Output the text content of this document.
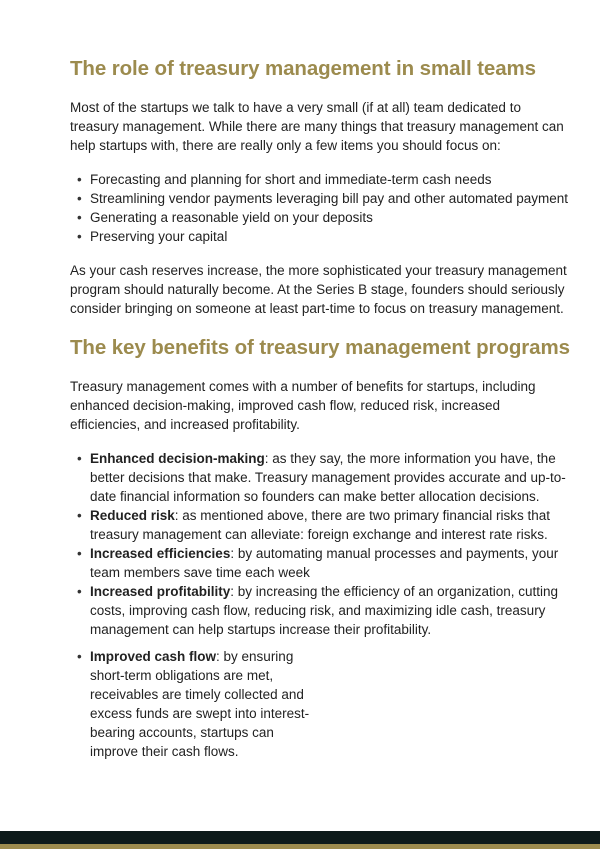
The role of treasury management in small teams

Most of the startups we talk to have a very small (if at all) team dedicated to treasury management. While there are many things that treasury management can help startups with, there are really only a few items you should focus on:

• Forecasting and planning for short and immediate-term cash needs
• Streamlining vendor payments leveraging bill pay and other automated payment
• Generating a reasonable yield on your deposits
• Preserving your capital

As your cash reserves increase, the more sophisticated your treasury management program should naturally become. At the Series B stage, founders should seriously consider bringing on someone at least part-time to focus on treasury management.

The key benefits of treasury management programs

Treasury management comes with a number of benefits for startups, including enhanced decision-making, improved cash flow, reduced risk, increased efficiencies, and increased profitability.

• Enhanced decision-making: as they say, the more information you have, the better decisions that make. Treasury management provides accurate and up-to-date financial information so founders can make better allocation decisions.
• Reduced risk: as mentioned above, there are two primary financial risks that treasury management can alleviate: foreign exchange and interest rate risks.
• Increased efficiencies: by automating manual processes and payments, your team members save time each week
• Increased profitability: by increasing the efficiency of an organization, cutting costs, improving cash flow, reducing risk, and maximizing idle cash, treasury management can help startups increase their profitability.
• Improved cash flow: by ensuring short-term obligations are met, receivables are timely collected and excess funds are swept into interest-bearing accounts, startups can improve their cash flows.
